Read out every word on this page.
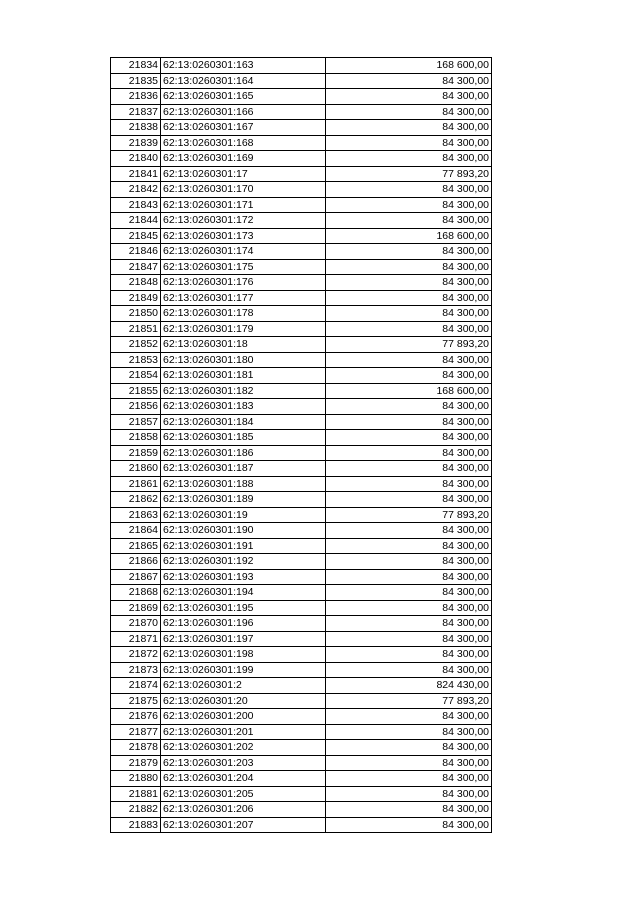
21834 62:13:0260301:163	168 600,00
21835 62:13:0260301:164	84 300,00
21836 62:13:0260301:165	84 300,00
21837 62:13:0260301:166	84 300,00
21838 62:13:0260301:167	84 300,00
21839 62:13:0260301:168	84 300,00
21840 62:13:0260301:169	84 300,00
21841 62:13:0260301:17	77 893,20
21842 62:13:0260301:170	84 300,00
21843 62:13:0260301:171	84 300,00
21844 62:13:0260301:172	84 300,00
21845 62:13:0260301:173	168 600,00
21846 62:13:0260301:174	84 300,00
21847 62:13:0260301:175	84 300,00
21848 62:13:0260301:176	84 300,00
21849 62:13:0260301:177	84 300,00
21850 62:13:0260301:178	84 300,00
21851 62:13:0260301:179	84 300,00
21852 62:13:0260301:18	77 893,20
21853 62:13:0260301:180	84 300,00
21854 62:13:0260301:181	84 300,00
21855 62:13:0260301:182	168 600,00
21856 62:13:0260301:183	84 300,00
21857 62:13:0260301:184	84 300,00
21858 62:13:0260301:185	84 300,00
21859 62:13:0260301:186	84 300,00
21860 62:13:0260301:187	84 300,00
21861 62:13:0260301:188	84 300,00
21862 62:13:0260301:189	84 300,00
21863 62:13:0260301:19	77 893,20
21864 62:13:0260301:190	84 300,00
21865 62:13:0260301:191	84 300,00
21866 62:13:0260301:192	84 300,00
21867 62:13:0260301:193	84 300,00
21868 62:13:0260301:194	84 300,00
21869 62:13:0260301:195	84 300,00
21870 62:13:0260301:196	84 300,00
21871 62:13:0260301:197	84 300,00
21872 62:13:0260301:198	84 300,00
21873 62:13:0260301:199	84 300,00
21874 62:13:0260301:2	824 430,00
21875 62:13:0260301:20	77 893,20
21876 62:13:0260301:200	84 300,00
21877 62:13:0260301:201	84 300,00
21878 62:13:0260301:202	84 300,00
21879 62:13:0260301:203	84 300,00
21880 62:13:0260301:204	84 300,00
21881 62:13:0260301:205	84 300,00
21882 62:13:0260301:206	84 300,00
21883 62:13:0260301:207	84 300,00
